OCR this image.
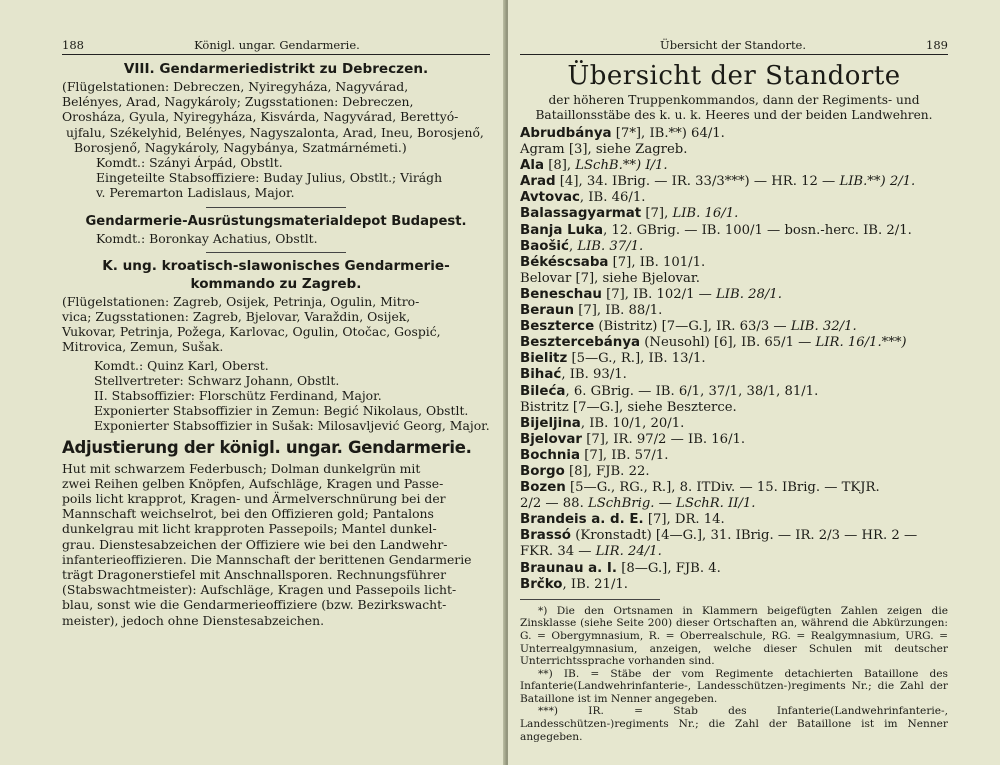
188	Königl. ungar. Gendarmerie.
VIII. Gendarmeriedistrikt zu Debreczen.
(Flügelstationen: Debreczen, Nyiregyháza, Nagyvárad,
Belényes, Arad, Nagykároly; Zugsstationen: Debreczen,
Orosháza, Gyula, Nyiregyháza, Kisvárda, Nagyvárad, Berettyó-
ujfalu, Székelyhid, Belényes, Nagyszalonta, Arad, Ineu, Borosjenő,
Borosjenő, Nagykároly, Nagybánya, Szatmárnémeti.)
Komdt.: Szányi Árpád, Obstlt.
Eingeteilte Stabsoffiziere: Buday Julius, Obstlt.; Virágh
v. Peremarton Ladislaus, Major.
Gendarmerie-Ausrüstungsmaterialdepot Budapest.
Komdt.: Boronkay Achatius, Obstlt.
K. ung. kroatisch-slawonisches Gendarmerie-
kommando zu Zagreb.
(Flügelstationen: Zagreb, Osijek, Petrinja, Ogulin, Mitro-
vica; Zugsstationen: Zagreb, Bjelovar, Varaždin, Osijek,
Vukovar, Petrinja, Požega, Karlovac, Ogulin, Otočac, Gospić,
Mitrovica, Zemun, Sušak.
Komdt.: Quinz Karl, Oberst.
Stellvertreter: Schwarz Johann, Obstlt.
II. Stabsoffizier: Florschütz Ferdinand, Major.
Exponierter Stabsoffizier in Zemun: Begić Nikolaus, Obstlt.
Exponierter Stabsoffizier in Sušak: Milosavljević Georg, Major.
Adjustierung der königl. ungar. Gendarmerie.
Hut mit schwarzem Federbusch; Dolman dunkelgrün mit
zwei Reihen gelben Knöpfen, Aufschläge, Kragen und Passe-
poils licht krapprot, Kragen- und Ärmelverschnürung bei der
Mannschaft weichselrot, bei den Offizieren gold; Pantalons
dunkelgrau mit licht krapproten Passepoils; Mantel dunkel-
grau. Dienstesabzeichen der Offiziere wie bei den Landwehr-
infanterieoffizieren. Die Mannschaft der berittenen Gendarmerie
trägt Dragonerstiefel mit Anschnallsporen. Rechnungsführer
(Stabswachtmeister): Aufschläge, Kragen und Passepoils licht-
blau, sonst wie die Gendarmerieoffiziere (bzw. Bezirkswacht-
meister), jedoch ohne Dienstesabzeichen.
Übersicht der Standorte.	189
Übersicht der Standorte
der höheren Truppenkommandos, dann der Regiments- und
Bataillonsstäbe des k. u. k. Heeres und der beiden Landwehren.
Abrudbánya [7*], IB.**) 64/1.
Agram [3], siehe Zagreb.
Ala [8], LSchB.**) I/1.
Arad [4], 34. IBrig. — IR. 33/3***) — HR. 12 — LIB.**) 2/1.
Avtovac, IB. 46/1.
Balassagyarmat [7], LIB. 16/1.
Banja Luka, 12. GBrig. — IB. 100/1 — bosn.-herc. IB. 2/1.
Baošić, LIB. 37/1.
Békéscsaba [7], IB. 101/1.
Belovar [7], siehe Bjelovar.
Beneschau [7], IB. 102/1 — LIB. 28/1.
Beraun [7], IB. 88/1.
Beszterce (Bistritz) [7—G.], IR. 63/3 — LIB. 32/1.
Besztercebánya (Neusohl) [6], IB. 65/1 — LIR. 16/1.***)
Bielitz [5—G., R.], IB. 13/1.
Bihać, IB. 93/1.
Bileća, 6. GBrig. — IB. 6/1, 37/1, 38/1, 81/1.
Bistritz [7—G.], siehe Beszterce.
Bijeljina, IB. 10/1, 20/1.
Bjelovar [7], IR. 97/2 — IB. 16/1.
Bochnia [7], IB. 57/1.
Borgo [8], FJB. 22.
Bozen [5—G., RG., R.], 8. ITDiv. — 15. IBrig. — TKJR.
2/2 — 88. LSchBrig. — LSchR. II/1.
Brandeis a. d. E. [7], DR. 14.
Brassó (Kronstadt) [4—G.], 31. IBrig. — IR. 2/3 — HR. 2 —
FKR. 34 — LIR. 24/1.
Braunau a. I. [8—G.], FJB. 4.
Brčko, IB. 21/1.

*) Die den Ortsnamen in Klammern beigefügten Zahlen zeigen die Zinsklasse (siehe Seite 200) dieser Ortschaften an, während die Abkürzungen: G. = Obergymnasium, R. = Oberrealschule, RG. = Realgymnasium, URG. = Unterrealgymnasium, anzeigen, welche dieser Schulen mit deutscher Unterrichtssprache vorhanden sind.

**) IB. = Stäbe der vom Regimente detachierten Bataillone des Infanterie(Landwehrinfanterie-, Landesschützen-)regiments Nr.; die Zahl der Bataillone ist im Nenner angegeben.

***) IR. = Stab des Infanterie(Landwehrinfanterie-, Landesschützen-)regiments Nr.; die Zahl der Bataillone ist im Nenner angegeben.
